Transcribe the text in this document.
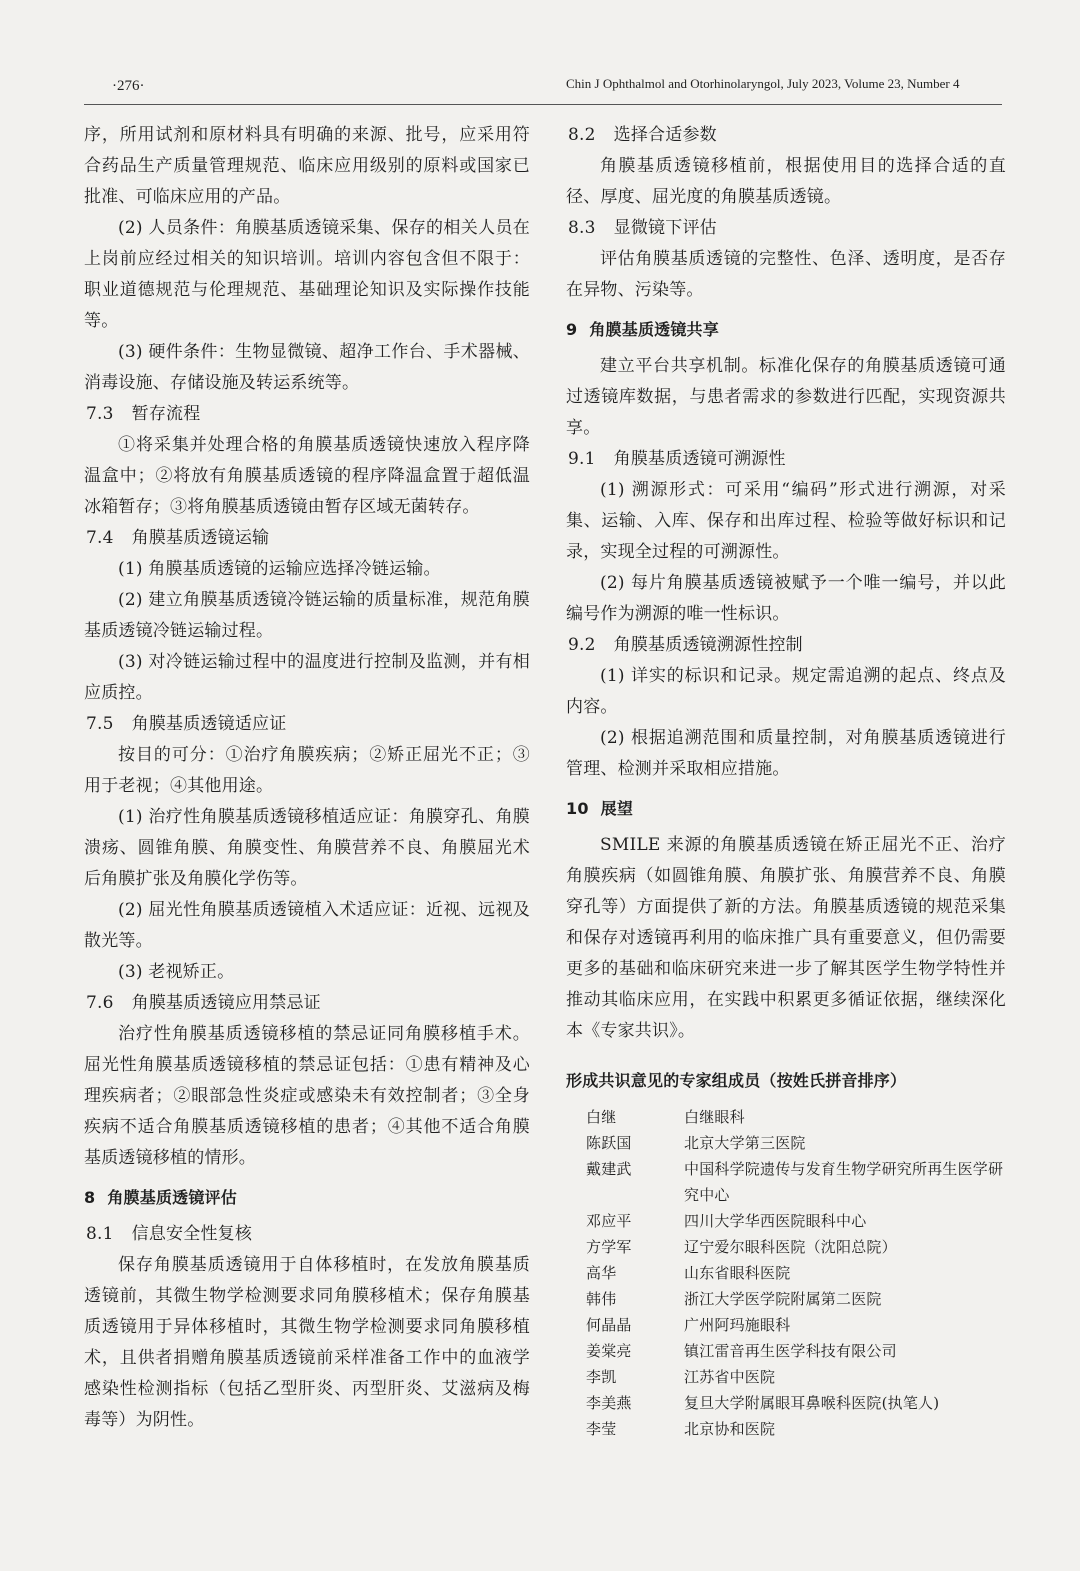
·276·	Chin J Ophthalmol and Otorhinolaryngol, July 2023, Volume 23, Number 4

序，所用试剂和原材料具有明确的来源、批号，应采用符合药品生产质量管理规范、临床应用级别的原料或国家已批准、可临床应用的产品。

(2) 人员条件：角膜基质透镜采集、保存的相关人员在上岗前应经过相关的知识培训。培训内容包含但不限于：职业道德规范与伦理规范、基础理论知识及实际操作技能等。

(3) 硬件条件：生物显微镜、超净工作台、手术器械、消毒设施、存储设施及转运系统等。

7.3 暂存流程

①将采集并处理合格的角膜基质透镜快速放入程序降温盒中；②将放有角膜基质透镜的程序降温盒置于超低温冰箱暂存；③将角膜基质透镜由暂存区域无菌转存。

7.4 角膜基质透镜运输

(1) 角膜基质透镜的运输应选择冷链运输。

(2) 建立角膜基质透镜冷链运输的质量标准，规范角膜基质透镜冷链运输过程。

(3) 对冷链运输过程中的温度进行控制及监测，并有相应质控。

7.5 角膜基质透镜适应证

按目的可分：①治疗角膜疾病；②矫正屈光不正；③用于老视；④其他用途。

(1) 治疗性角膜基质透镜移植适应证：角膜穿孔、角膜溃疡、圆锥角膜、角膜变性、角膜营养不良、角膜屈光术后角膜扩张及角膜化学伤等。

(2) 屈光性角膜基质透镜植入术适应证：近视、远视及散光等。

(3) 老视矫正。

7.6 角膜基质透镜应用禁忌证

治疗性角膜基质透镜移植的禁忌证同角膜移植手术。屈光性角膜基质透镜移植的禁忌证包括：①患有精神及心理疾病者；②眼部急性炎症或感染未有效控制者；③全身疾病不适合角膜基质透镜移植的患者；④其他不适合角膜基质透镜移植的情形。

8 角膜基质透镜评估

8.1 信息安全性复核

保存角膜基质透镜用于自体移植时，在发放角膜基质透镜前，其微生物学检测要求同角膜移植术；保存角膜基质透镜用于异体移植时，其微生物学检测要求同角膜移植术，且供者捐赠角膜基质透镜前采样准备工作中的血液学感染性检测指标（包括乙型肝炎、丙型肝炎、艾滋病及梅毒等）为阴性。

8.2 选择合适参数

角膜基质透镜移植前，根据使用目的选择合适的直径、厚度、屈光度的角膜基质透镜。

8.3 显微镜下评估

评估角膜基质透镜的完整性、色泽、透明度，是否存在异物、污染等。

9 角膜基质透镜共享

建立平台共享机制。标准化保存的角膜基质透镜可通过透镜库数据，与患者需求的参数进行匹配，实现资源共享。

9.1 角膜基质透镜可溯源性

(1) 溯源形式：可采用“编码”形式进行溯源，对采集、运输、入库、保存和出库过程、检验等做好标识和记录，实现全过程的可溯源性。

(2) 每片角膜基质透镜被赋予一个唯一编号，并以此编号作为溯源的唯一性标识。

9.2 角膜基质透镜溯源性控制

(1) 详实的标识和记录。规定需追溯的起点、终点及内容。

(2) 根据追溯范围和质量控制，对角膜基质透镜进行管理、检测并采取相应措施。

10 展望

SMILE 来源的角膜基质透镜在矫正屈光不正、治疗角膜疾病（如圆锥角膜、角膜扩张、角膜营养不良、角膜穿孔等）方面提供了新的方法。角膜基质透镜的规范采集和保存对透镜再利用的临床推广具有重要意义，但仍需要更多的基础和临床研究来进一步了解其医学生物学特性并推动其临床应用，在实践中积累更多循证依据，继续深化本《专家共识》。

形成共识意见的专家组成员（按姓氏拼音排序）

白继	白继眼科
陈跃国	北京大学第三医院
戴建武	中国科学院遗传与发育生物学研究所再生医学研究中心
邓应平	四川大学华西医院眼科中心
方学军	辽宁爱尔眼科医院（沈阳总院）
高华	山东省眼科医院
韩伟	浙江大学医学院附属第二医院
何晶晶	广州阿玛施眼科
姜棠亮	镇江雷音再生医学科技有限公司
李凯	江苏省中医院
李美燕	复旦大学附属眼耳鼻喉科医院(执笔人)
李莹	北京协和医院
